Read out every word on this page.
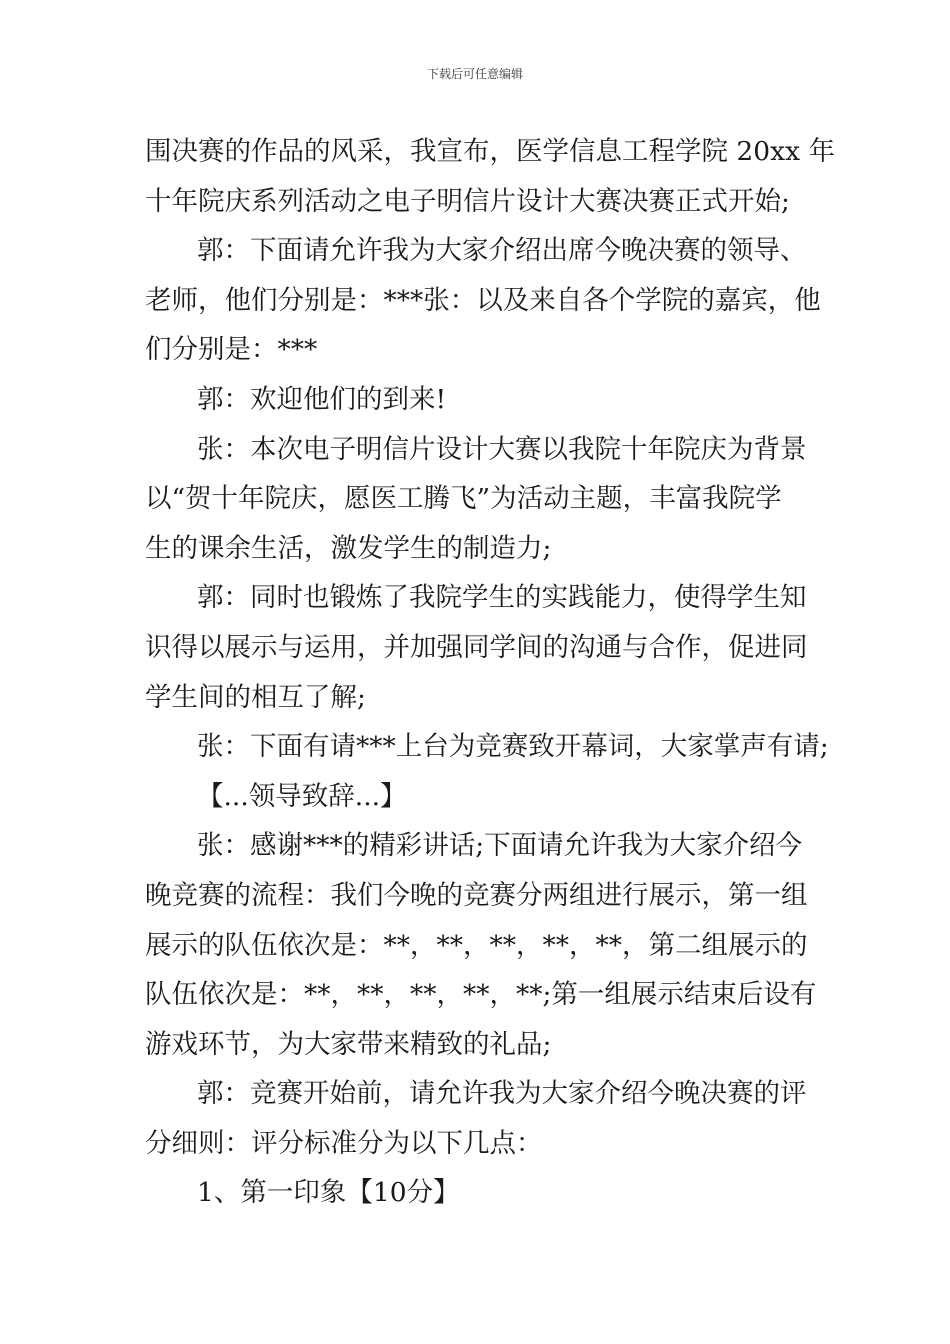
下载后可任意编辑

围决赛的作品的风采，我宣布，医学信息工程学院 20xx 年

十年院庆系列活动之电子明信片设计大赛决赛正式开始;

郭：下面请允许我为大家介绍出席今晚决赛的领导、

老师，他们分别是：***张：以及来自各个学院的嘉宾，他

们分别是：***

郭：欢迎他们的到来!

张：本次电子明信片设计大赛以我院十年院庆为背景

以“贺十年院庆，愿医工腾飞”为活动主题，丰富我院学

生的课余生活，激发学生的制造力;

郭：同时也锻炼了我院学生的实践能力，使得学生知

识得以展示与运用，并加强同学间的沟通与合作，促进同

学生间的相互了解;

张：下面有请***上台为竞赛致开幕词，大家掌声有请;

【...领导致辞...】

张：感谢***的精彩讲话;下面请允许我为大家介绍今

晚竞赛的流程：我们今晚的竞赛分两组进行展示，第一组

展示的队伍依次是：**，**，**，**，**，第二组展示的

队伍依次是：**，**，**，**，**;第一组展示结束后设有

游戏环节，为大家带来精致的礼品;

郭：竞赛开始前，请允许我为大家介绍今晚决赛的评

分细则：评分标准分为以下几点：

1、第一印象【10分】
